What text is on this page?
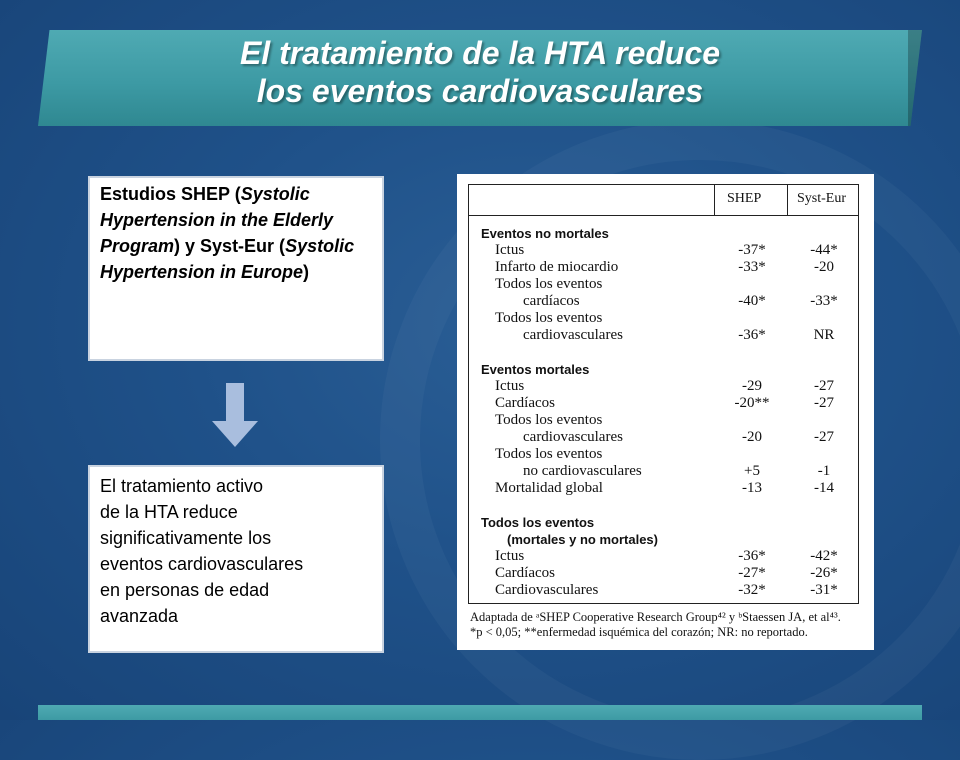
El tratamiento de la HTA reduce
los eventos cardiovasculares
Estudios SHEP (Systolic Hypertension in the Elderly Program) y Syst-Eur (Systolic Hypertension in Europe)
El tratamiento activo
de la HTA reduce
significativamente los
eventos cardiovasculares
en personas de edad
avanzada
SHEP	Syst-Eur
Eventos no mortales
Ictus	-37*	-44*
Infarto de miocardio	-33*	-20
Todos los eventos
cardíacos	-40*	-33*
Todos los eventos
cardiovasculares	-36*	NR
Eventos mortales
Ictus	-29	-27
Cardíacos	-20**	-27
Todos los eventos
cardiovasculares	-20	-27
Todos los eventos
no cardiovasculares	+5	-1
Mortalidad global	-13	-14
Todos los eventos
(mortales y no mortales)
Ictus	-36*	-42*
Cardíacos	-27*	-26*
Cardiovasculares	-32*	-31*
Adaptada de ᵃSHEP Cooperative Research Group⁴² y ᵇStaessen JA, et al⁴³.
*p < 0,05; **enfermedad isquémica del corazón; NR: no reportado.
